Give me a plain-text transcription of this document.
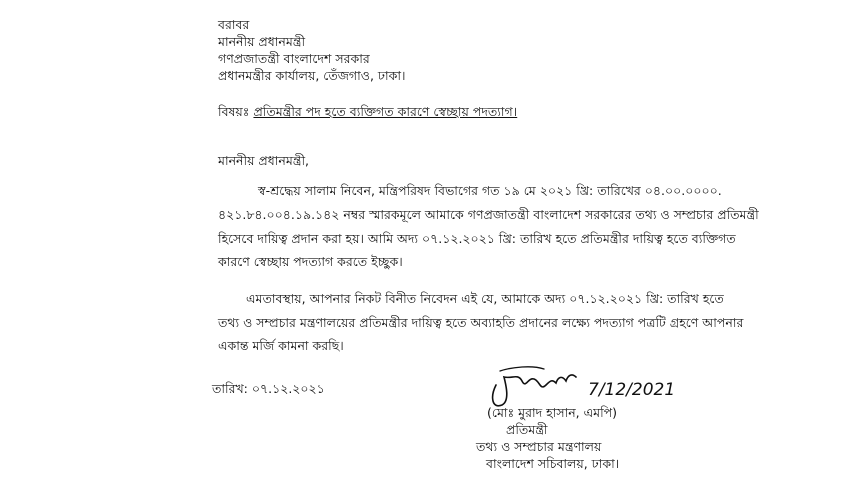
বরাবর
মাননীয় প্রধানমন্ত্রী
গণপ্রজাতন্ত্রী বাংলাদেশ সরকার
প্রধানমন্ত্রীর কার্যালয়, তেঁজগাও, ঢাকা।
বিষয়ঃ প্রতিমন্ত্রীর পদ হতে ব্যক্তিগত কারণে স্বেচ্ছায় পদত্যাগ।
মাননীয় প্রধানমন্ত্রী,
স্ব-শ্রদ্ধেয় সালাম নিবেন, মন্ত্রিপরিষদ বিভাগের গত ১৯ মে ২০২১ খ্রি: তারিখের ০৪.০০.০০০০.
৪২১.৮৪.০০৪.১৯.১৪২ নম্বর স্মারকমূলে আমাকে গণপ্রজাতন্ত্রী বাংলাদেশ সরকারের তথ্য ও সম্প্রচার প্রতিমন্ত্রী
হিসেবে দায়িত্ব প্রদান করা হয়। আমি অদ্য ০৭.১২.২০২১ খ্রি: তারিখ হতে প্রতিমন্ত্রীর দায়িত্ব হতে ব্যক্তিগত
কারণে স্বেচ্ছায় পদত্যাগ করতে ইচ্ছুক।
এমতাবস্থায়, আপনার নিকট বিনীত নিবেদন এই যে, আমাকে অদ্য ০৭.১২.২০২১ খ্রি: তারিখ হতে
তথ্য ও সম্প্রচার মন্ত্রণালয়ের প্রতিমন্ত্রীর দায়িত্ব হতে অব্যাহতি প্রদানের লক্ষ্যে পদত্যাগ পত্রটি গ্রহণে আপনার
একান্ত মর্জি কামনা করছি।
তারিখ: ০৭.১২.২০২১	7/12/2021
(মোঃ মুরাদ হাসান, এমপি)
প্রতিমন্ত্রী
তথ্য ও সম্প্রচার মন্ত্রণালয়
বাংলাদেশ সচিবালয়, ঢাকা।
